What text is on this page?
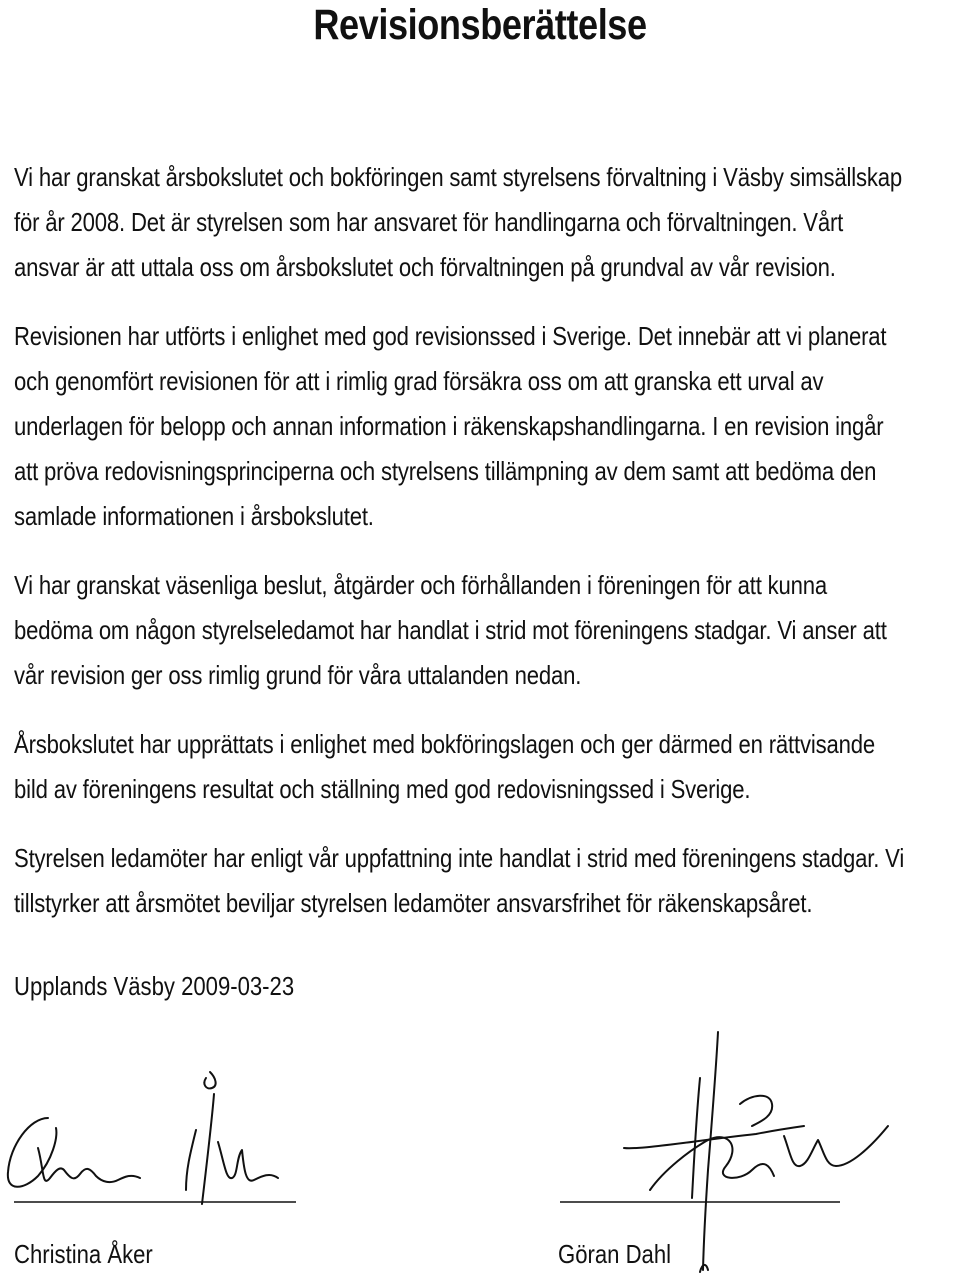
Revisionsberättelse
Vi har granskat årsbokslutet och bokföringen samt styrelsens förvaltning i Väsby simsällskap
för år 2008. Det är styrelsen som har ansvaret för handlingarna och förvaltningen. Vårt
ansvar är att uttala oss om årsbokslutet och förvaltningen på grundval av vår revision.
Revisionen har utförts i enlighet med god revisionssed i Sverige. Det innebär att vi planerat
och genomfört revisionen för att i rimlig grad försäkra oss om att granska ett urval av
underlagen för belopp och annan information i räkenskapshandlingarna. I en revision ingår
att pröva redovisningsprinciperna och styrelsens tillämpning av dem samt att bedöma den
samlade informationen i årsbokslutet.
Vi har granskat väsenliga beslut, åtgärder och förhållanden i föreningen för att kunna
bedöma om någon styrelseledamot har handlat i strid mot föreningens stadgar. Vi anser att
vår revision ger oss rimlig grund för våra uttalanden nedan.
Årsbokslutet har upprättats i enlighet med bokföringslagen och ger därmed en rättvisande
bild av föreningens resultat och ställning med god redovisningssed i Sverige.
Styrelsen ledamöter har enligt vår uppfattning inte handlat i strid med föreningens stadgar. Vi
tillstyrker att årsmötet beviljar styrelsen ledamöter ansvarsfrihet för räkenskapsåret.
Upplands Väsby 2009-03-23
Christina Åker	Göran Dahl
